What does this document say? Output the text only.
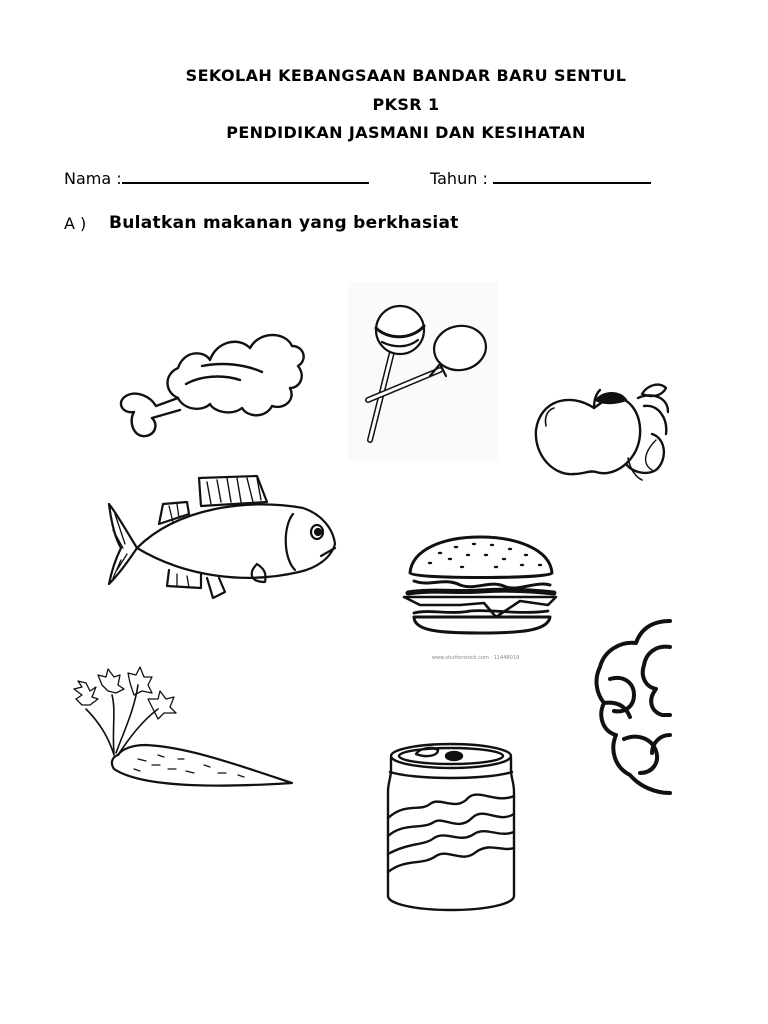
SEKOLAH KEBANGSAAN BANDAR BARU SENTUL
PKSR 1
PENDIDIKAN JASMANI DAN KESIHATAN
Nama :	Tahun :
A ) Bulatkan makanan yang berkhasiat
www.shutterstock.com · 11448019
